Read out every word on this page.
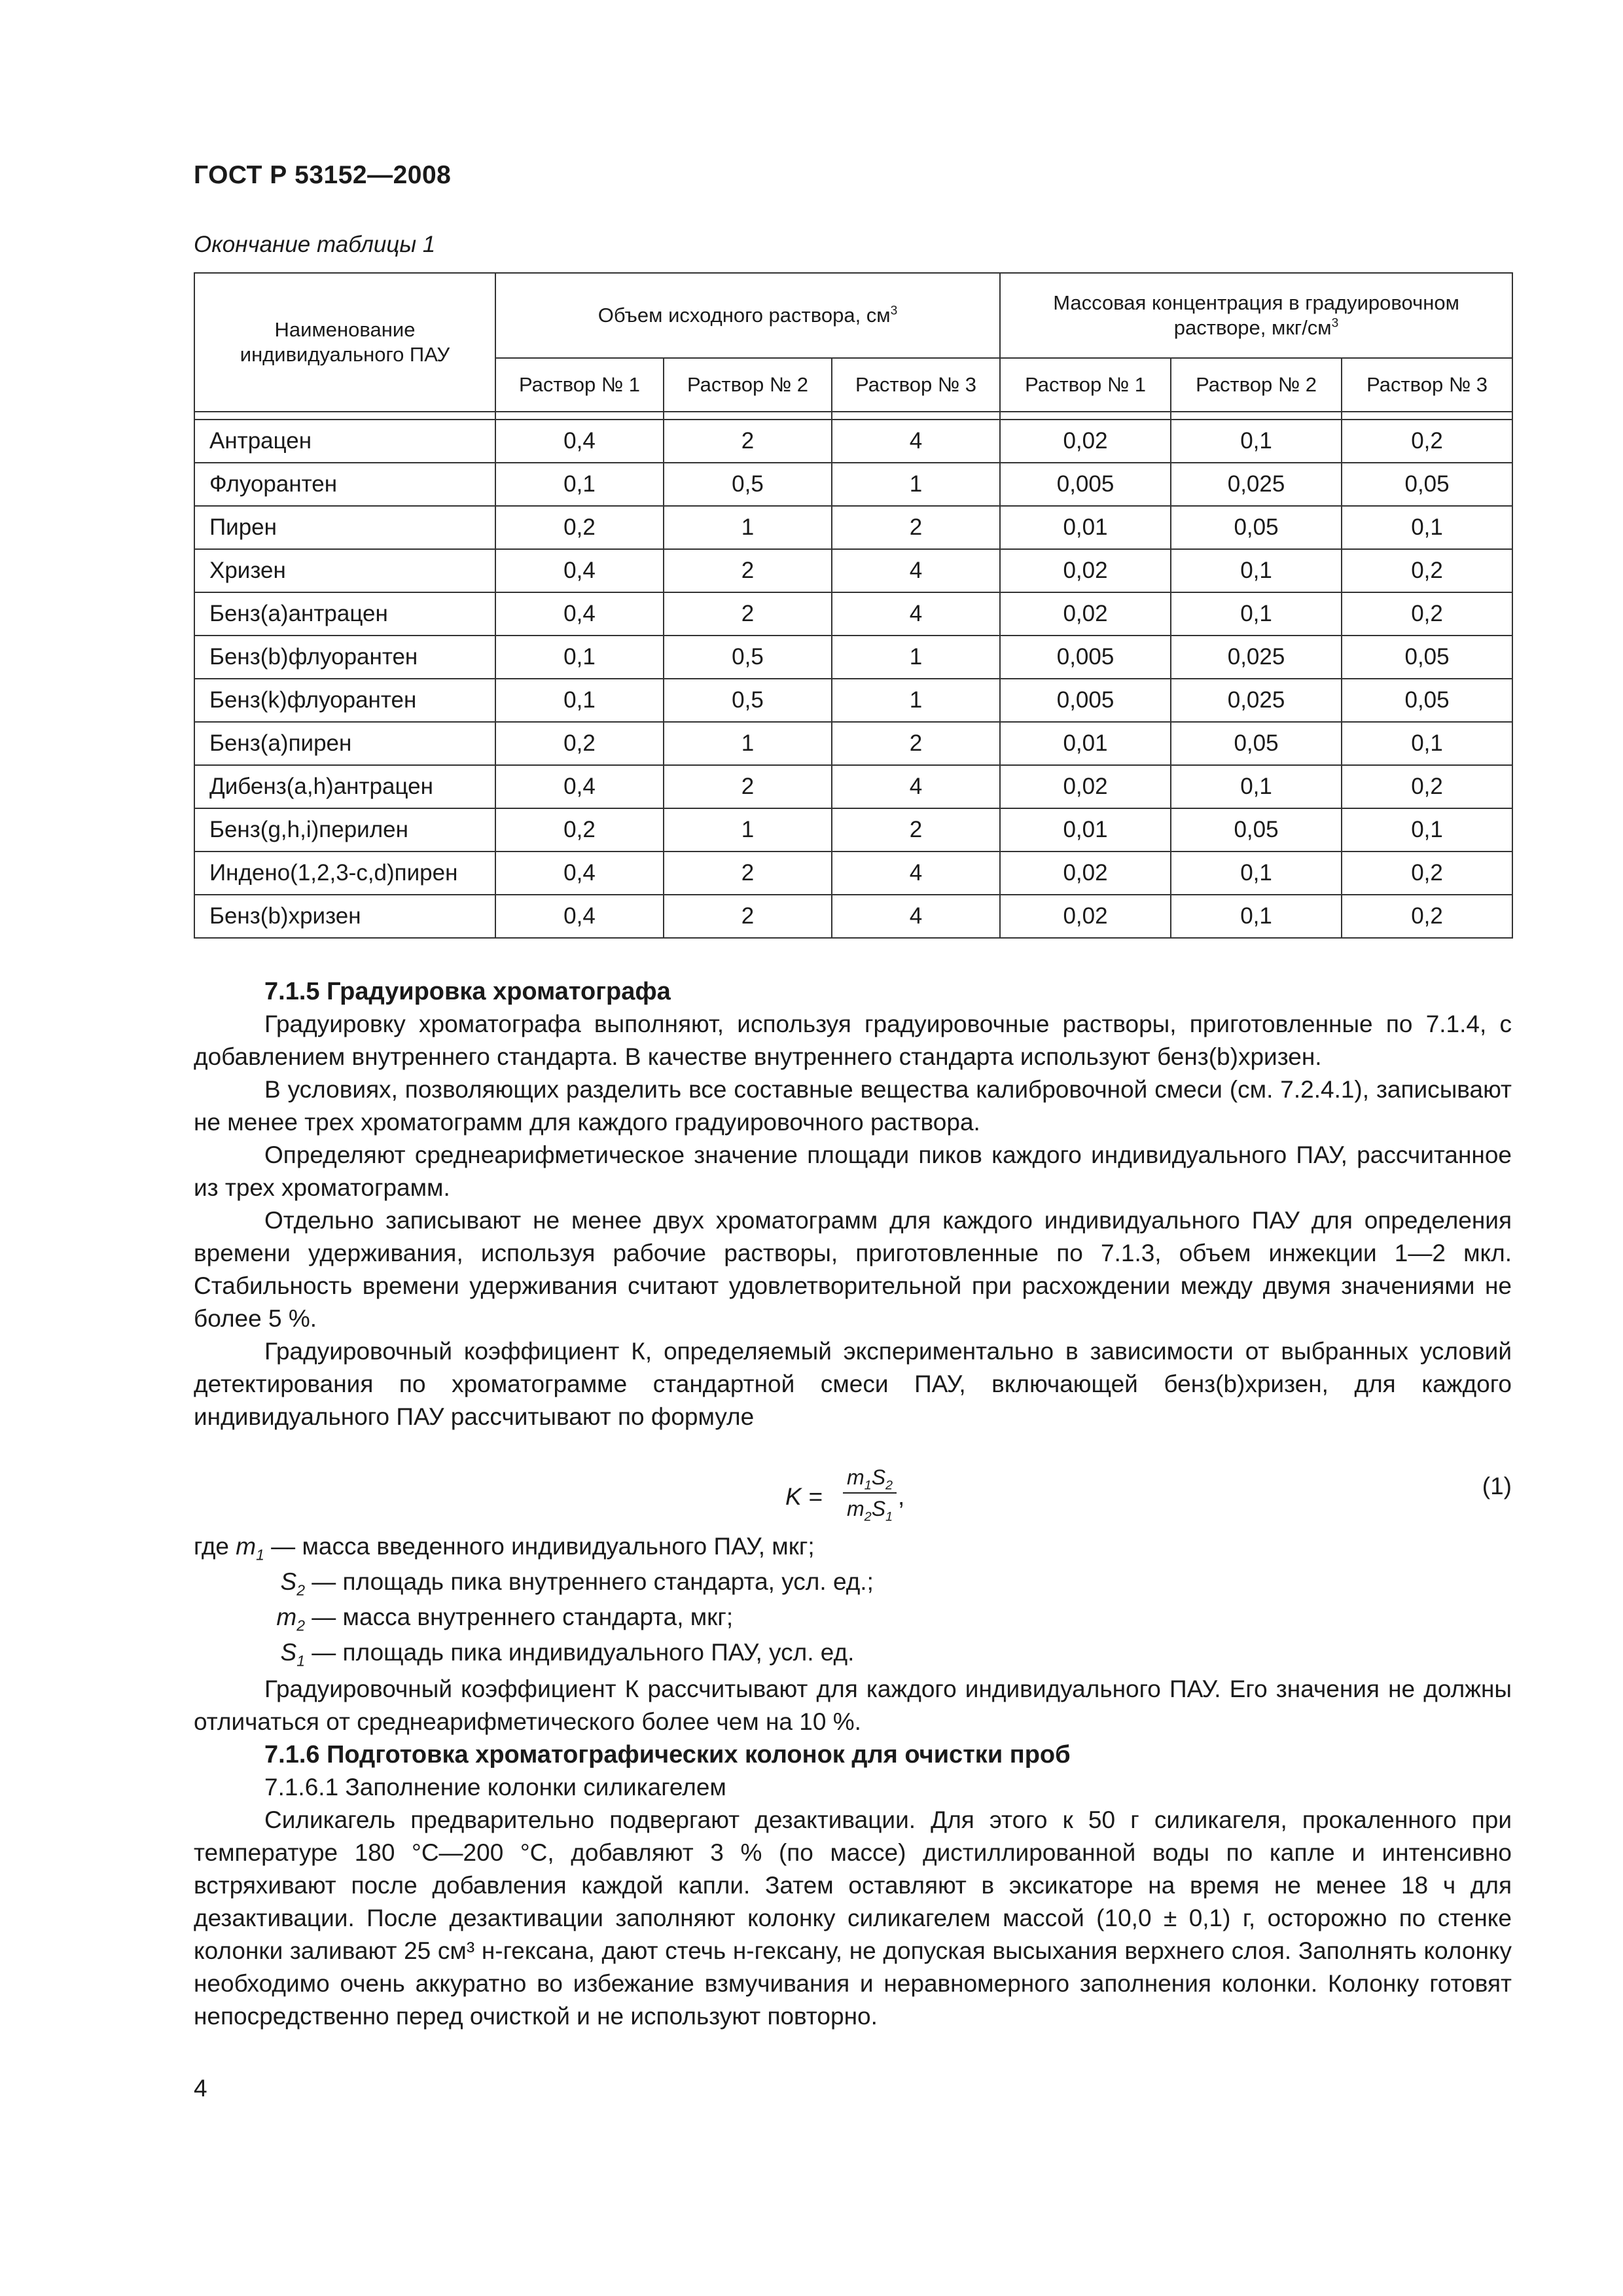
ГОСТ Р 53152—2008
Окончание таблицы 1
Наименование индивидуального ПАУ	Объем исходного раствора, $см^3$			Массовая концентрация в градуировочном
растворе, мкг/$см^3$
	Раствор № 1	Раствор № 2	Раствор № 3	Раствор № 1	Раствор № 2	Раствор № 3

Антрацен	0,4	2	4	0,02	0,1	0,2
Флуорантен	0,1	0,5	1	0,005	0,025	0,05
Пирен	0,2	1	2	0,01	0,05	0,1
Хризен	0,4	2	4	0,02	0,1	0,2
Бенз(a)антрацен	0,4	2	4	0,02	0,1	0,2
Бенз(b)флуорантен	0,1	0,5	1	0,005	0,025	0,05
Бенз(k)флуорантен	0,1	0,5	1	0,005	0,025	0,05
Бенз(a)пирен	0,2	1	2	0,01	0,05	0,1
Дибенз(a,h)антрацен	0,4	2	4	0,02	0,1	0,2
Бенз(g,h,i)перилен	0,2	1	2	0,01	0,05	0,1
Индено(1,2,3-c,d)пирен	0,4	2	4	0,02	0,1	0,2
Бенз(b)хризен	0,4	2	4	0,02	0,1	0,2

7.1.5 Градуировка хроматографа

Градуировку хроматографа выполняют, используя градуировочные растворы, приготовленные по 7.1.4, с добавлением внутреннего стандарта. В качестве внутреннего стандарта используют бенз(b)хризен.

В условиях, позволяющих разделить все составные вещества калибровочной смеси (см. 7.2.4.1), записывают не менее трех хроматограмм для каждого градуировочного раствора.

Определяют среднеарифметическое значение площади пиков каждого индивидуального ПАУ, рассчитанное из трех хроматограмм.

Отдельно записывают не менее двух хроматограмм для каждого индивидуального ПАУ для определения времени удерживания, используя рабочие растворы, приготовленные по 7.1.3, объем инжекции 1—2 мкл. Стабильность времени удерживания считают удовлетворительной при расхождении между двумя значениями не более 5 %.

Градуировочный коэффициент К, определяемый экспериментально в зависимости от выбранных условий детектирования по хроматограмме стандартной смеси ПАУ, включающей бенз(b)хризен, для каждого индивидуального ПАУ рассчитывают по формуле

$K = \frac{m_1S_2}{m_2S_1}$ ,	(1)
где $m_1$ — масса введенного индивидуального ПАУ, мкг;
$S_2$ — площадь пика внутреннего стандарта, усл. ед.;
$m_2$ — масса внутреннего стандарта, мкг;
$S_1$ — площадь пика индивидуального ПАУ, усл. ед.

Градуировочный коэффициент К рассчитывают для каждого индивидуального ПАУ. Его значения не должны отличаться от среднеарифметического более чем на 10 %.

7.1.6 Подготовка хроматографических колонок для очистки проб

7.1.6.1 Заполнение колонки силикагелем

Силикагель предварительно подвергают дезактивации. Для этого к 50 г силикагеля, прокаленного при температуре 180 °С—200 °С, добавляют 3 % (по массе) дистиллированной воды по капле и интенсивно встряхивают после добавления каждой капли. Затем оставляют в эксикаторе на время не менее 18 ч для дезактивации. После дезактивации заполняют колонку силикагелем массой (10,0 ± 0,1) г, осторожно по стенке колонки заливают 25 см³ н-гексана, дают стечь н-гексану, не допуская высыхания верхнего слоя. Заполнять колонку необходимо очень аккуратно во избежание взмучивания и неравномерного заполнения колонки. Колонку готовят непосредственно перед очисткой и не используют повторно.

4
